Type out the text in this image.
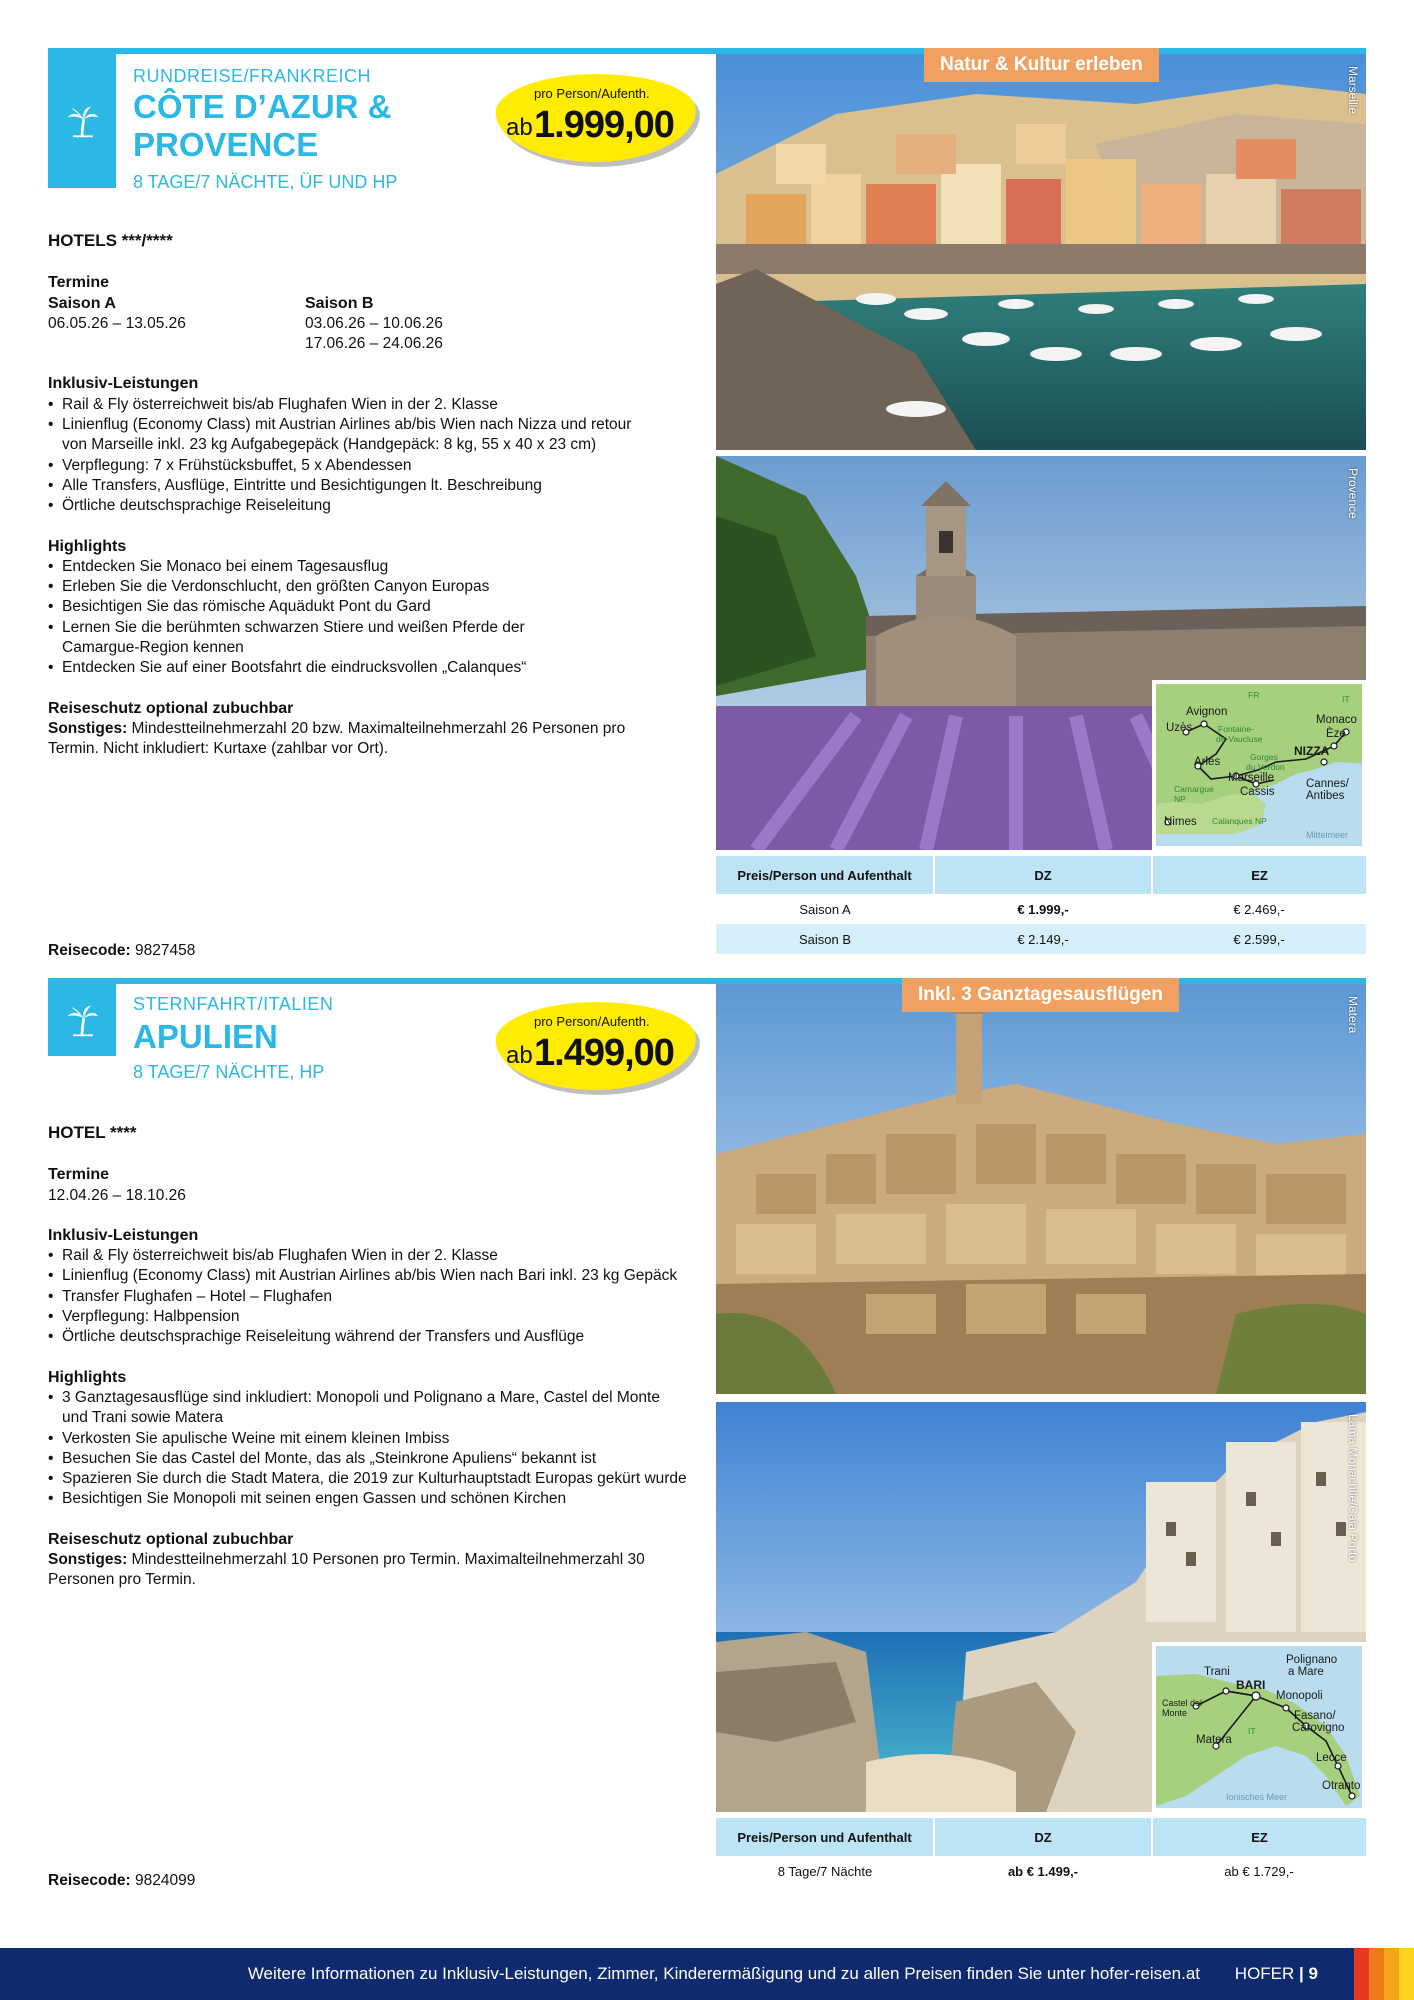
RUNDREISE/FRANKREICH
CÔTE D’AZUR &
PROVENCE
8 TAGE/7 NÄCHTE, ÜF UND HP
pro Person/Aufenth.
ab 1.999,00
HOTELS ***/****
Termine
Saison A
06.05.26 – 13.05.26
Saison B
03.06.26 – 10.06.26
17.06.26 – 24.06.26
Inklusiv-Leistungen
• Rail & Fly österreichweit bis/ab Flughafen Wien in der 2. Klasse
• Linienflug (Economy Class) mit Austrian Airlines ab/bis Wien nach Nizza und retour von Marseille inkl. 23 kg Aufgabegepäck (Handgepäck: 8 kg, 55 x 40 x 23 cm)
• Verpflegung: 7 x Frühstücksbuffet, 5 x Abendessen
• Alle Transfers, Ausflüge, Eintritte und Besichtigungen lt. Beschreibung
• Örtliche deutschsprachige Reiseleitung
Highlights
• Entdecken Sie Monaco bei einem Tagesausflug
• Erleben Sie die Verdonschlucht, den größten Canyon Europas
• Besichtigen Sie das römische Aquädukt Pont du Gard
• Lernen Sie die berühmten schwarzen Stiere und weißen Pferde der Camargue-Region kennen
• Entdecken Sie auf einer Bootsfahrt die eindrucksvollen „Calanques“
Reiseschutz optional zubuchbar
Sonstiges: Mindestteilnehmerzahl 20 bzw. Maximalteilnehmerzahl 26 Personen pro Termin. Nicht inkludiert: Kurtaxe (zahlbar vor Ort).
Reisecode: 9827458
Marseille
Natur & Kultur erleben
Provence
FR	IT
Avignon
Uzès	Fontaine-
de-Vaucluse
Monaco
Èze
NIZZA
Arles	Gorges
du Verdon
Marseille
Cassis
Camargue
NP
Cannes/
Antibes
Nimes Calanques NP
Mittelmeer
Preis/Person und Aufenthalt	DZ	EZ
Saison A	€ 1.999,-	€ 2.469,-
Saison B	€ 2.149,-	€ 2.599,-
STERNFAHRT/ITALIEN
APULIEN
8 TAGE/7 NÄCHTE, HP
pro Person/Aufenth.
ab 1.499,00
HOTEL ****
Termine
12.04.26 – 18.10.26
Inklusiv-Leistungen
• Rail & Fly österreichweit bis/ab Flughafen Wien in der 2. Klasse
• Linienflug (Economy Class) mit Austrian Airlines ab/bis Wien nach Bari inkl. 23 kg Gepäck
• Transfer Flughafen – Hotel – Flughafen
• Verpflegung: Halbpension
• Örtliche deutschsprachige Reiseleitung während der Transfers und Ausflüge
Highlights
• 3 Ganztagesausflüge sind inkludiert: Monopoli und Polignano a Mare, Castel del Monte und Trani sowie Matera
• Verkosten Sie apulische Weine mit einem kleinen Imbiss
• Besuchen Sie das Castel del Monte, das als „Steinkrone Apuliens“ bekannt ist
• Spazieren Sie durch die Stadt Matera, die 2019 zur Kulturhauptstadt Europas gekürt wurde
• Besichtigen Sie Monopoli mit seinen engen Gassen und schönen Kirchen
Reiseschutz optional zubuchbar
Sonstiges: Mindestteilnehmerzahl 10 Personen pro Termin. Maximalteilnehmerzahl 30 Personen pro Termin.
Reisecode: 9824099
Matera
Inkl. 3 Ganztagesausflügen
Lama Monachile/Cala Porto
IT
Trani
BARI
Polignano
a Mare
Castel del
Monte
Monopoli
Fasano/
Carovigno
Matera
Lecce
Otranto
Ionisches Meer
Preis/Person und Aufenthalt	DZ	EZ
8 Tage/7 Nächte	ab € 1.499,-	ab € 1.729,-
Weitere Informationen zu Inklusiv-Leistungen, Zimmer, Kinderermäßigung und zu allen Preisen finden Sie unter hofer-reisen.at HOFER | 9
